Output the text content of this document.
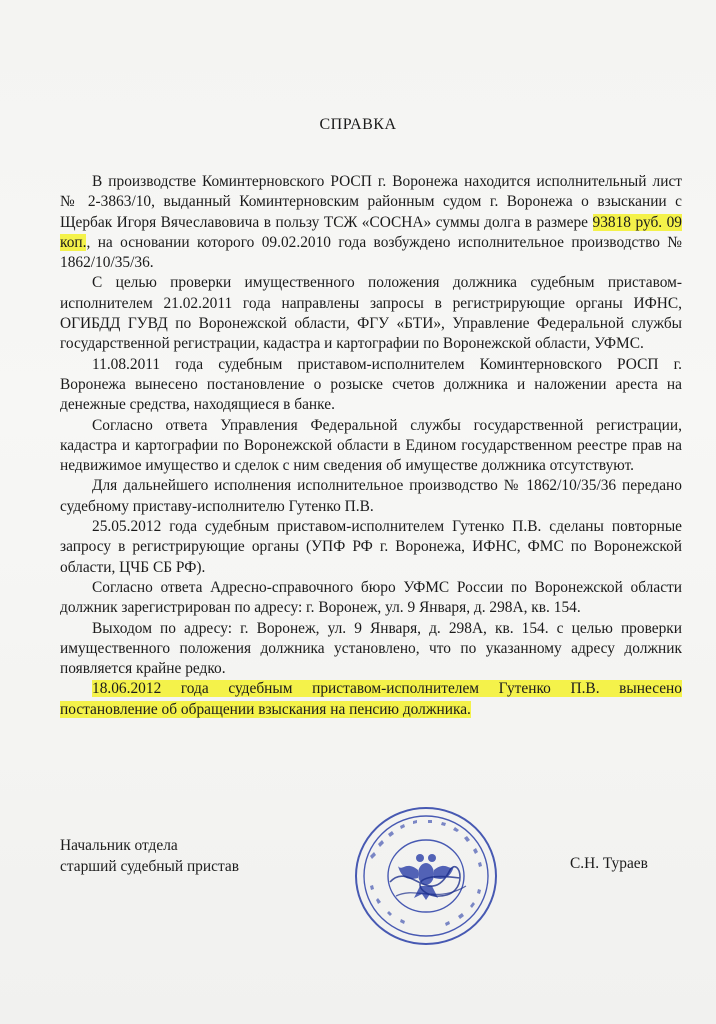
СПРАВКА

В производстве Коминтерновского РОСП г. Воронежа находится исполнительный лист № 2-3863/10, выданный Коминтерновским районным судом г. Воронежа о взыскании с Щербак Игоря Вячеславовича в пользу ТСЖ «СОСНА» суммы долга в размере 93818 руб. 09 коп., на основании которого 09.02.2010 года возбуждено исполнительное производство № 1862/10/35/36.

С целью проверки имущественного положения должника судебным приставом-исполнителем 21.02.2011 года направлены запросы в регистрирующие органы ИФНС, ОГИБДД ГУВД по Воронежской области, ФГУ «БТИ», Управление Федеральной службы государственной регистрации, кадастра и картографии по Воронежской области, УФМС.

11.08.2011 года судебным приставом-исполнителем Коминтерновского РОСП г. Воронежа вынесено постановление о розыске счетов должника и наложении ареста на денежные средства, находящиеся в банке.

Согласно ответа Управления Федеральной службы государственной регистрации, кадастра и картографии по Воронежской области в Едином государственном реестре прав на недвижимое имущество и сделок с ним сведения об имуществе должника отсутствуют.

Для дальнейшего исполнения исполнительное производство № 1862/10/35/36 передано судебному приставу-исполнителю Гутенко П.В.

25.05.2012 года судебным приставом-исполнителем Гутенко П.В. сделаны повторные запросу в регистрирующие органы (УПФ РФ г. Воронежа, ИФНС, ФМС по Воронежской области, ЦЧБ СБ РФ).

Согласно ответа Адресно-справочного бюро УФМС России по Воронежской области должник зарегистрирован по адресу: г. Воронеж, ул. 9 Января, д. 298А, кв. 154.

Выходом по адресу: г. Воронеж, ул. 9 Января, д. 298А, кв. 154. с целью проверки имущественного положения должника установлено, что по указанному адресу должник появляется крайне редко.

18.06.2012 года судебным приставом-исполнителем Гутенко П.В. вынесено постановление об обращении взыскания на пенсию должника.

Начальник отдела
старший судебный пристав	С.Н. Тураев
